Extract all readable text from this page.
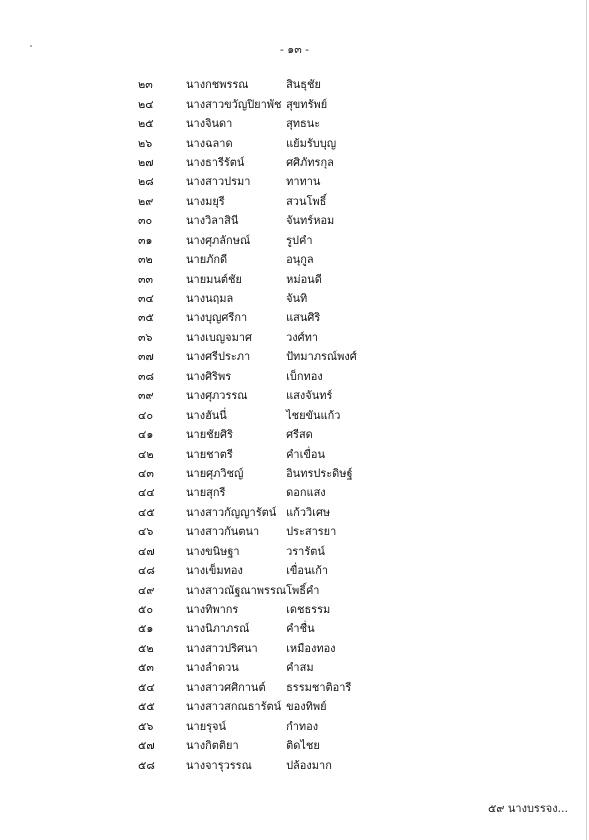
- ๑๓ -
๒๓	นางกชพรรณ	สินธุชัย
๒๔	นางสาวขวัญปิยาพัช	สุขทรัพย์
๒๕	นางจินดา	สุทธนะ
๒๖	นางฉลาด	แย้มรับบุญ
๒๗	นางธารีรัตน์	ศศิภัทรกุล
๒๘	นางสาวปรมา	ทาทาน
๒๙	นางมยุรี	สวนโพธิ์
๓๐	นางวิลาสินี	จันทร์หอม
๓๑	นางศุภลักษณ์	รูปคำ
๓๒	นายภักดี	อนุกูล
๓๓	นายมนต์ชัย	หม่อนดี
๓๔	นางนฤมล	จันทิ
๓๕	นางบุญศรีกา	แสนศิริ
๓๖	นางเบญจมาศ	วงศ์ทา
๓๗	นางศรีประภา	ปัทมาภรณ์พงศ์
๓๘	นางศิริพร	เบ็กทอง
๓๙	นางศุภวรรณ	แสงจันทร์
๔๐	นางฮันนี่	ไชยขันแก้ว
๔๑	นายชัยศิริ	ศรีสด
๔๒	นายชาตรี	คำเขื่อน
๔๓	นายศุภวิชญ์	อินทรประดิษฐ์
๔๔	นายสุกรี	ดอกแสง
๔๕	นางสาวกัญญารัตน์	แก้ววิเศษ
๔๖	นางสาวกันตนา	ประสารยา
๔๗	นางขนิษฐา	วรารัตน์
๔๘	นางเข็มทอง	เขื่อนเก้า
๔๙	นางสาวณัฐณาพรรณ	โพธิ์คำ
๕๐	นางทิพากร	เดชธรรม
๕๑	นางนิภาภรณ์	คำชื่น
๕๒	นางสาวปริศนา	เหมืองทอง
๕๓	นางลำดวน	คำสม
๕๔	นางสาวศศิกานต์	ธรรมชาติอารี
๕๕	นางสาวสกณธารัตน์	ของทิพย์
๕๖	นายรุจน์	กำทอง
๕๗	นางกิตติยา	ติดไชย
๕๘	นางจารุวรรณ	ปล้องมาก
๕๙ นางบรรจง...
